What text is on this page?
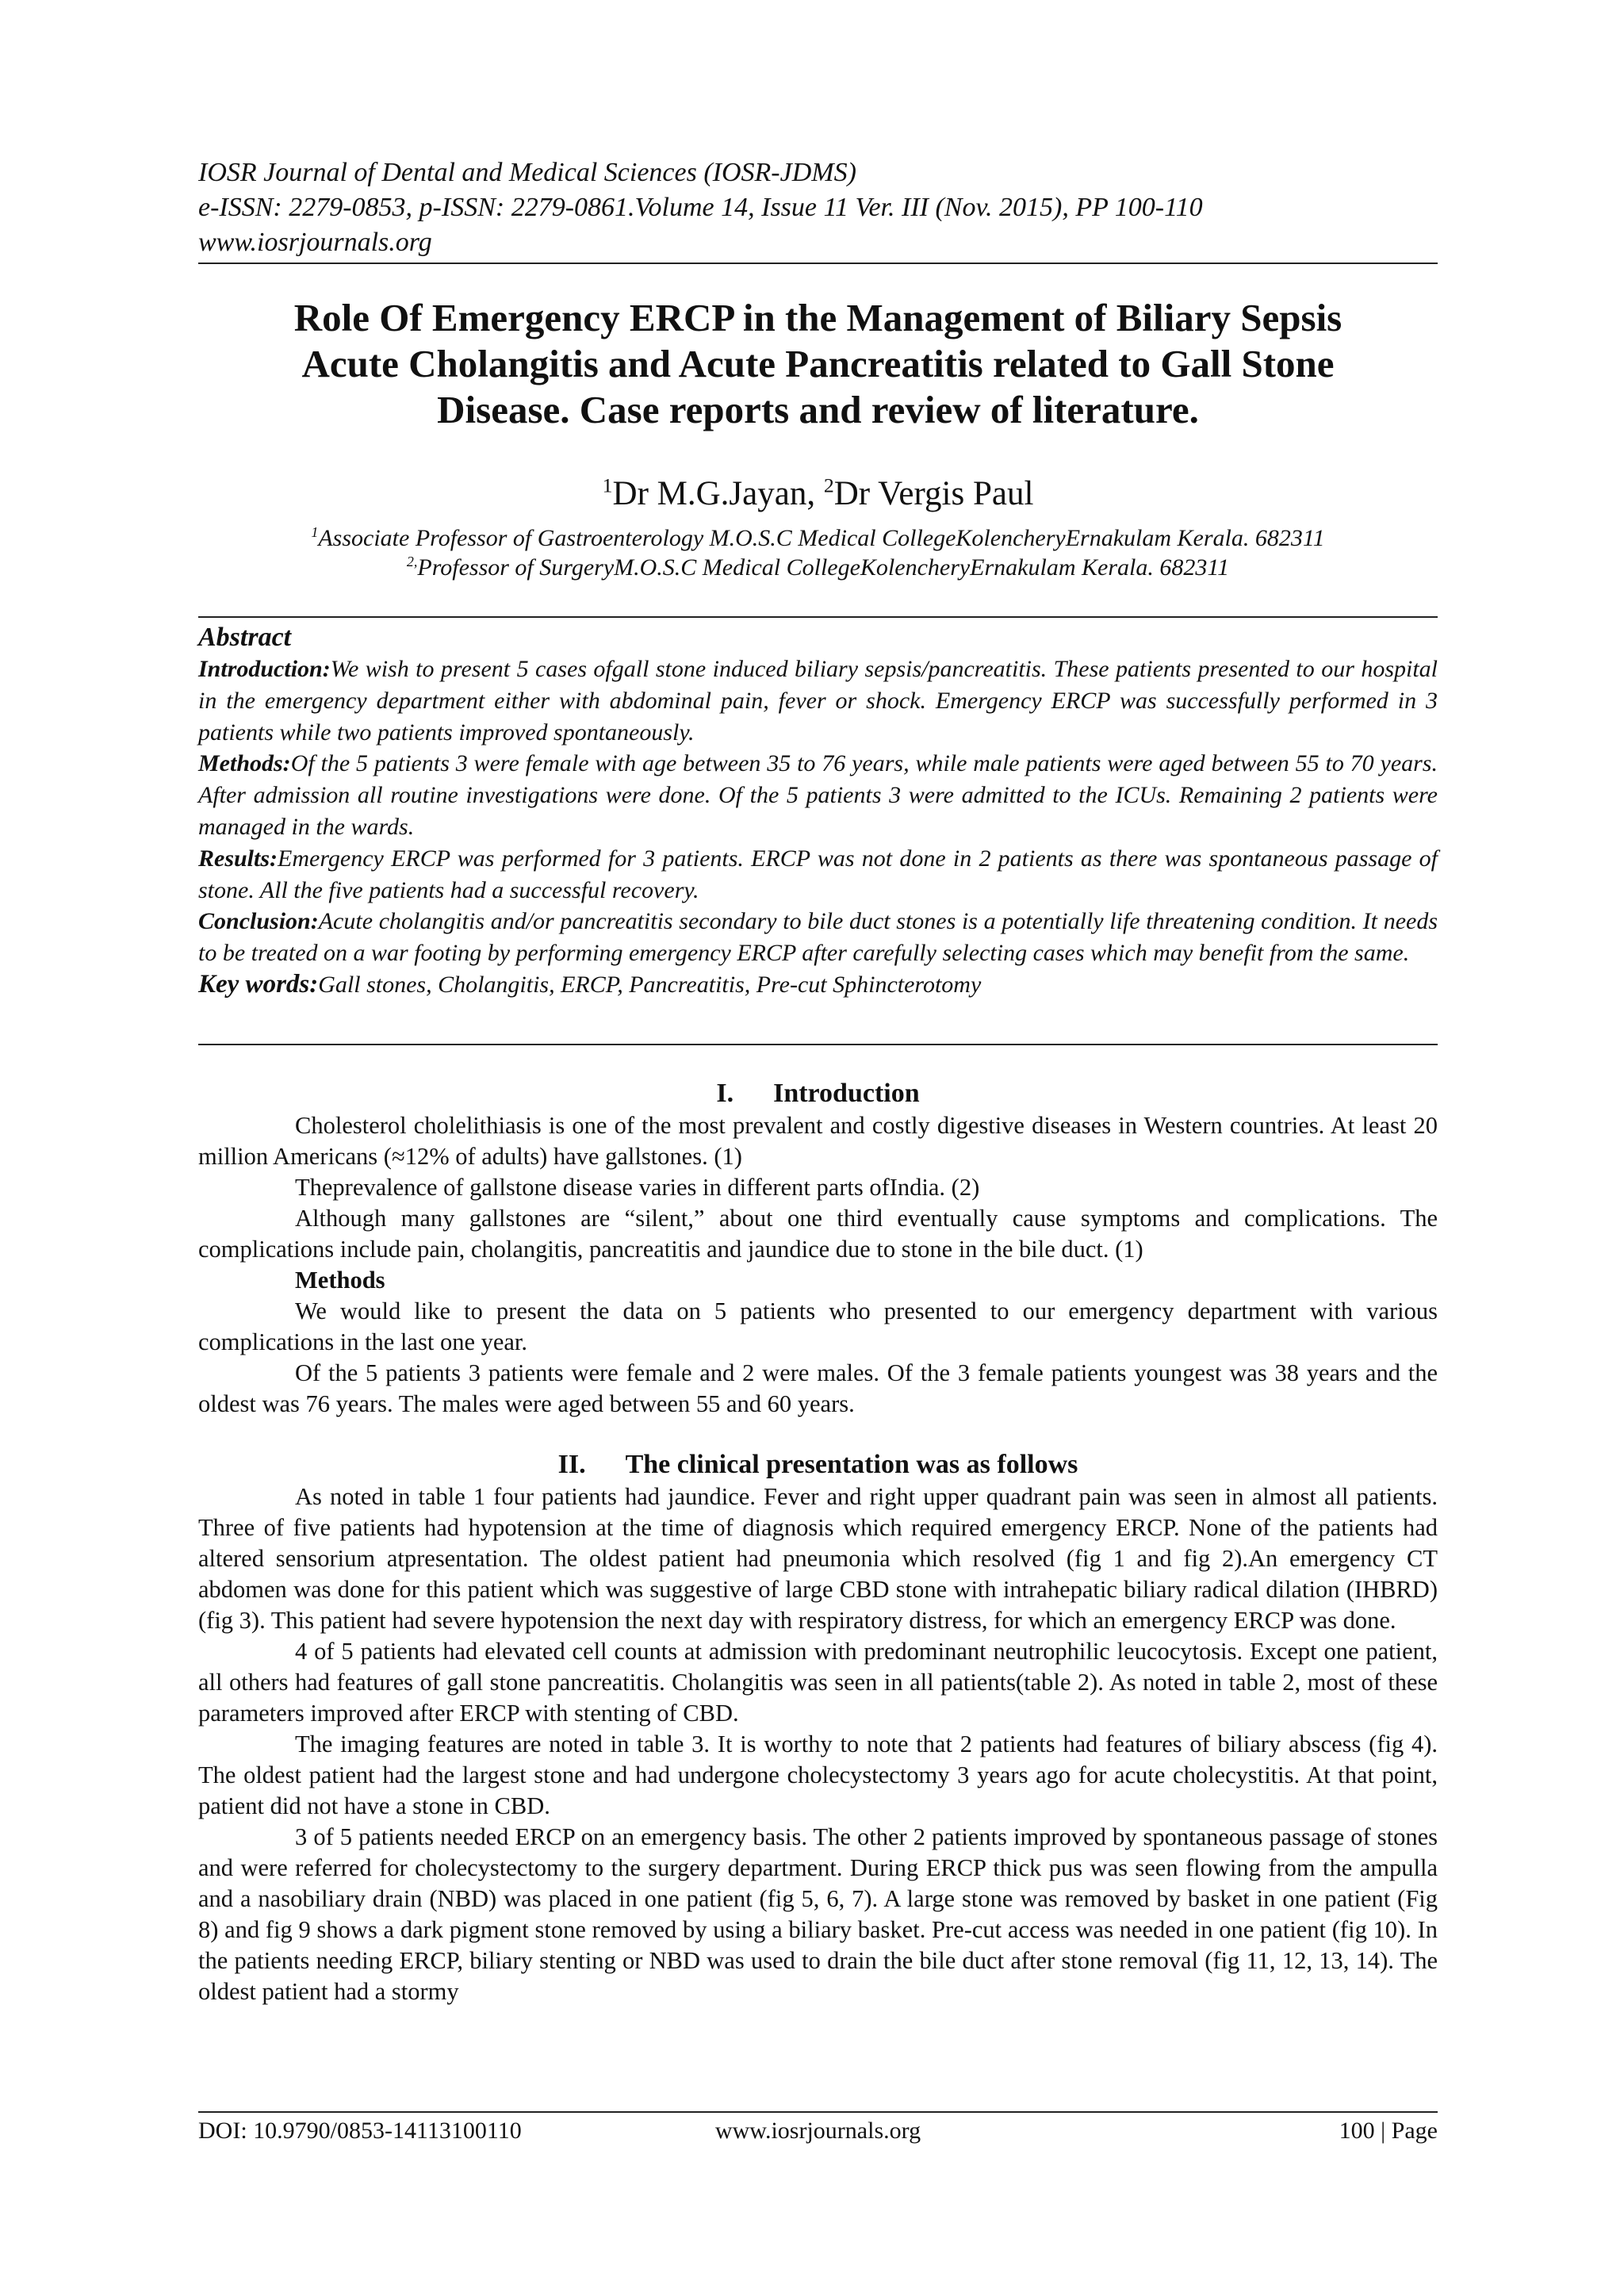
IOSR Journal of Dental and Medical Sciences (IOSR-JDMS)
e-ISSN: 2279-0853, p-ISSN: 2279-0861.Volume 14, Issue 11 Ver. III (Nov. 2015), PP 100-110
www.iosrjournals.org
Role Of Emergency ERCP in the Management of Biliary Sepsis
Acute Cholangitis and Acute Pancreatitis related to Gall Stone
Disease. Case reports and review of literature.
$^1$Dr M.G.Jayan, $^2$Dr Vergis Paul
$^1$Associate Professor of Gastroenterology M.O.S.C Medical CollegeKolencheryErnakulam Kerala. 682311
$^{2,}$Professor of SurgeryM.O.S.C Medical CollegeKolencheryErnakulam Kerala. 682311
Abstract

Introduction:We wish to present 5 cases ofgall stone induced biliary sepsis/pancreatitis. These patients presented to our hospital in the emergency department either with abdominal pain, fever or shock. Emergency ERCP was successfully performed in 3 patients while two patients improved spontaneously.

Methods:Of the 5 patients 3 were female with age between 35 to 76 years, while male patients were aged between 55 to 70 years. After admission all routine investigations were done. Of the 5 patients 3 were admitted to the ICUs. Remaining 2 patients were managed in the wards.

Results:Emergency ERCP was performed for 3 patients. ERCP was not done in 2 patients as there was spontaneous passage of stone. All the five patients had a successful recovery.

Conclusion:Acute cholangitis and/or pancreatitis secondary to bile duct stones is a potentially life threatening condition. It needs to be treated on a war footing by performing emergency ERCP after carefully selecting cases which may benefit from the same.

Key words:Gall stones, Cholangitis, ERCP, Pancreatitis, Pre-cut Sphincterotomy

I. Introduction

Cholesterol cholelithiasis is one of the most prevalent and costly digestive diseases in Western countries. At least 20 million Americans (≈12% of adults) have gallstones. (1)

Theprevalence of gallstone disease varies in different parts ofIndia. (2)

Although many gallstones are “silent,” about one third eventually cause symptoms and complications. The complications include pain, cholangitis, pancreatitis and jaundice due to stone in the bile duct. (1)

Methods

We would like to present the data on 5 patients who presented to our emergency department with various complications in the last one year.

Of the 5 patients 3 patients were female and 2 were males. Of the 3 female patients youngest was 38 years and the oldest was 76 years. The males were aged between 55 and 60 years.

II. The clinical presentation was as follows

As noted in table 1 four patients had jaundice. Fever and right upper quadrant pain was seen in almost all patients. Three of five patients had hypotension at the time of diagnosis which required emergency ERCP. None of the patients had altered sensorium atpresentation. The oldest patient had pneumonia which resolved (fig 1 and fig 2).An emergency CT abdomen was done for this patient which was suggestive of large CBD stone with intrahepatic biliary radical dilation (IHBRD)(fig 3). This patient had severe hypotension the next day with respiratory distress, for which an emergency ERCP was done.

4 of 5 patients had elevated cell counts at admission with predominant neutrophilic leucocytosis. Except one patient, all others had features of gall stone pancreatitis. Cholangitis was seen in all patients(table 2). As noted in table 2, most of these parameters improved after ERCP with stenting of CBD.

The imaging features are noted in table 3. It is worthy to note that 2 patients had features of biliary abscess (fig 4). The oldest patient had the largest stone and had undergone cholecystectomy 3 years ago for acute cholecystitis. At that point, patient did not have a stone in CBD.

3 of 5 patients needed ERCP on an emergency basis. The other 2 patients improved by spontaneous passage of stones and were referred for cholecystectomy to the surgery department. During ERCP thick pus was seen flowing from the ampulla and a nasobiliary drain (NBD) was placed in one patient (fig 5, 6, 7). A large stone was removed by basket in one patient (Fig 8) and fig 9 shows a dark pigment stone removed by using a biliary basket. Pre-cut access was needed in one patient (fig 10). In the patients needing ERCP, biliary stenting or NBD was used to drain the bile duct after stone removal (fig 11, 12, 13, 14). The oldest patient had a stormy

DOI: 10.9790/0853-14113100110	www.iosrjournals.org	100 | Page
